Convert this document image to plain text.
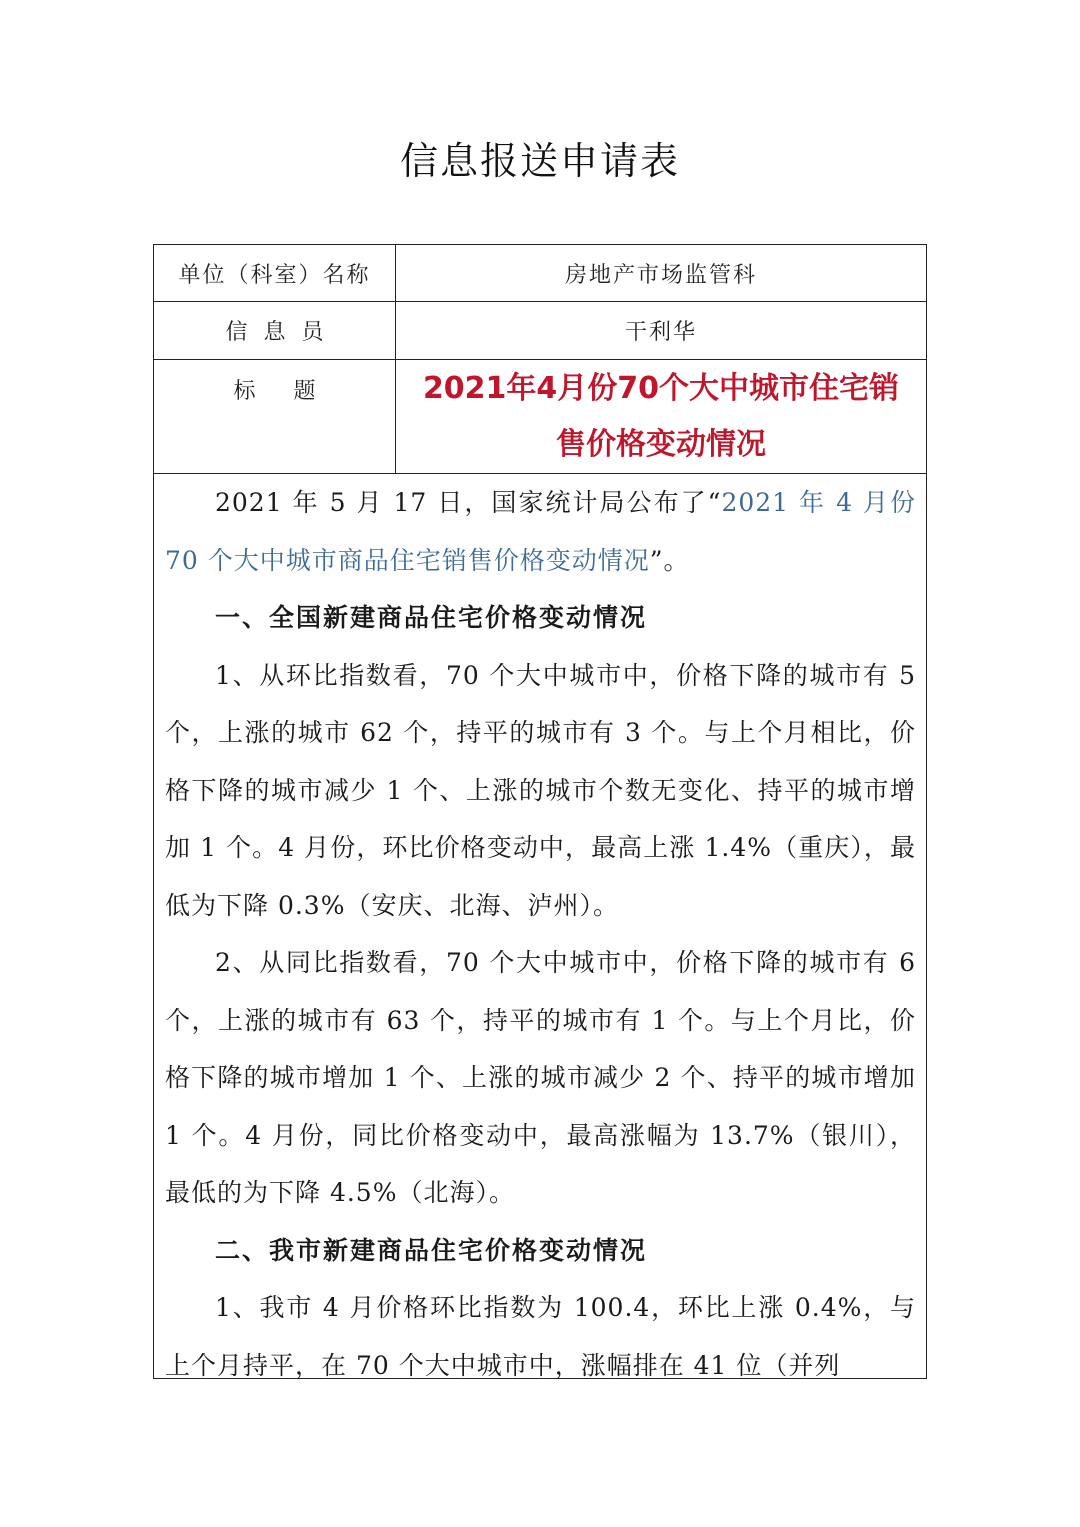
信息报送申请表
单位（科室）名称	房地产市场监管科
信息员	干利华
标题 2021年4月份70个大中城市住宅销
售价格变动情况

2021 年 5 月 17 日，国家统计局公布了“2021 年 4 月份 70 个大中城市商品住宅销售价格变动情况”。

一、全国新建商品住宅价格变动情况

1、从环比指数看，70 个大中城市中，价格下降的城市有 5 个，上涨的城市 62 个，持平的城市有 3 个。与上个月相比，价格下降的城市减少 1 个、上涨的城市个数无变化、持平的城市增加 1 个。4 月份，环比价格变动中，最高上涨 1.4%（重庆），最低为下降 0.3%（安庆、北海、泸州）。

2、从同比指数看，70 个大中城市中，价格下降的城市有 6 个，上涨的城市有 63 个，持平的城市有 1 个。与上个月比，价格下降的城市增加 1 个、上涨的城市减少 2 个、持平的城市增加 1 个。4 月份，同比价格变动中，最高涨幅为 13.7%（银川），最低的为下降 4.5%（北海）。

二、我市新建商品住宅价格变动情况

1、我市 4 月价格环比指数为 100.4，环比上涨 0.4%，与上个月持平，在 70 个大中城市中，涨幅排在 41 位（并列
